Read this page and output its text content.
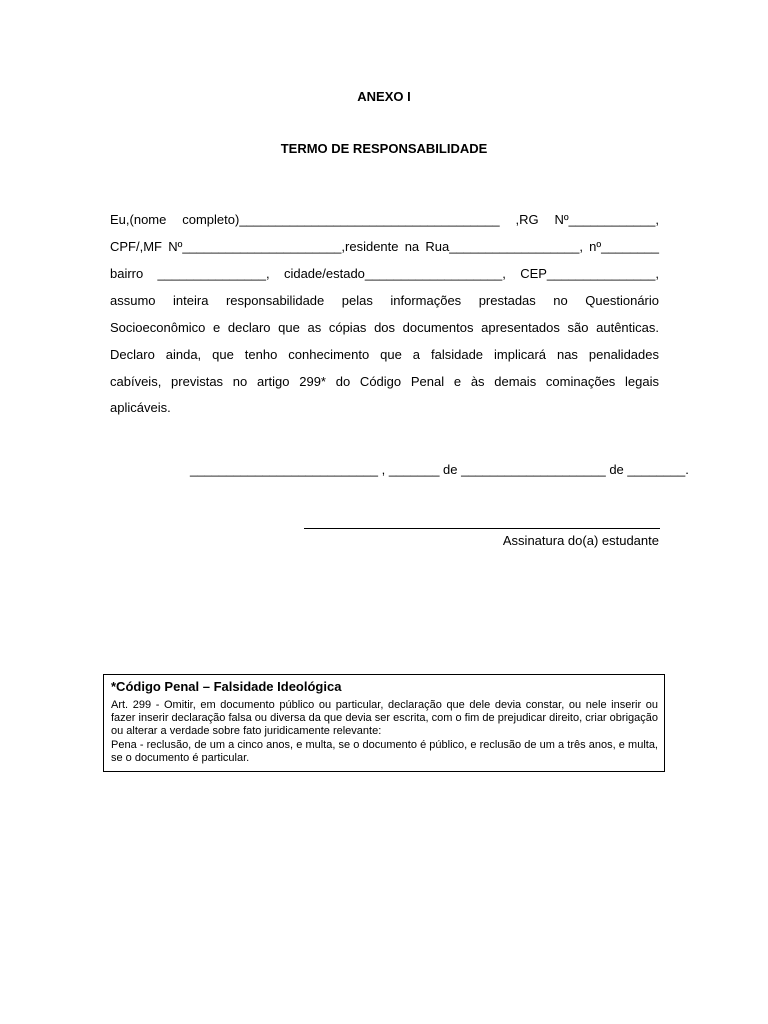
ANEXO I
TERMO DE RESPONSABILIDADE
Eu,(nome completo)____________________________________ ,RG Nº____________,
CPF/,MF Nº______________________,residente na Rua__________________, nº________
bairro _______________, cidade/estado___________________, CEP_______________,
assumo inteira responsabilidade pelas informações prestadas no Questionário
Socioeconômico e declaro que as cópias dos documentos apresentados são autênticas.
Declaro ainda, que tenho conhecimento que a falsidade implicará nas penalidades
cabíveis, previstas no artigo 299* do Código Penal e às demais cominações legais
aplicáveis.
__________________________ , _______ de ____________________ de ________.
Assinatura do(a) estudante
*Código Penal – Falsidade Ideológica
Art. 299 - Omitir, em documento público ou particular, declaração que dele devia constar, ou nele inserir ou fazer inserir declaração falsa ou diversa da que devia ser escrita, com o fim de prejudicar direito, criar obrigação ou alterar a verdade sobre fato juridicamente relevante:
Pena - reclusão, de um a cinco anos, e multa, se o documento é público, e reclusão de um a três anos, e multa, se o documento é particular.
